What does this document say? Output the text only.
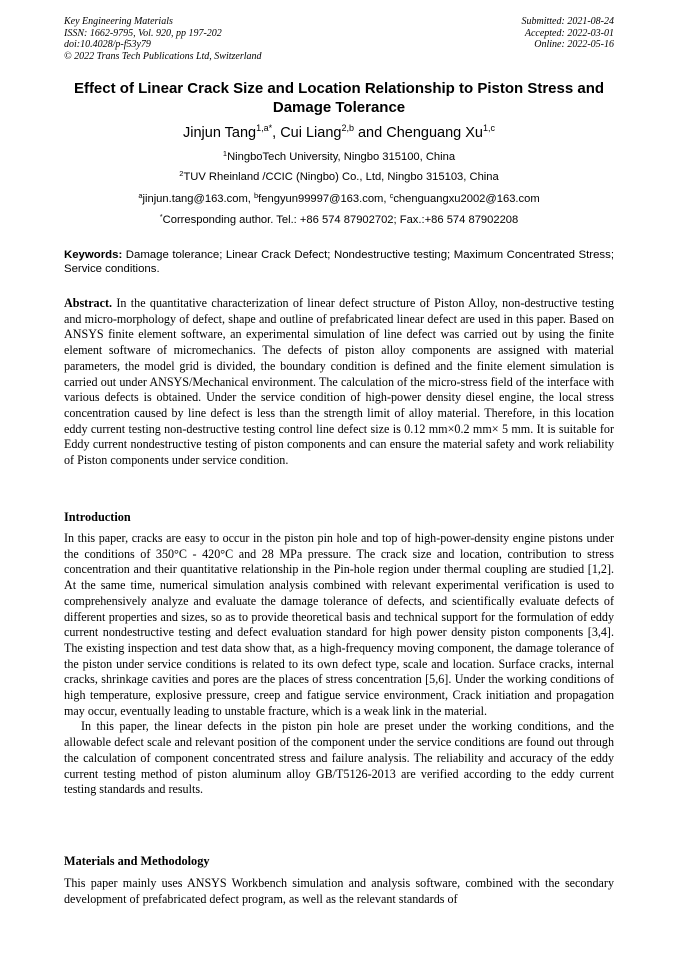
Key Engineering Materials
ISSN: 1662-9795, Vol. 920, pp 197-202
doi:10.4028/p-f53y79
© 2022 Trans Tech Publications Ltd, Switzerland
Submitted: 2021-08-24
Accepted: 2022-03-01
Online: 2022-05-16
Effect of Linear Crack Size and Location Relationship to Piston Stress and Damage Tolerance
Jinjun Tang$^{1,a*}$, Cui Liang$^{2,b}$ and Chenguang Xu$^{1,c}$
$^1$NingboTech University, Ningbo 315100, China
$^2$TUV Rheinland /CCIC (Ningbo) Co., Ltd, Ningbo 315103, China
$^a$jinjun.tang@163.com, $^b$fengyun99997@163.com, $^c$chenguangxu2002@163.com
*Corresponding author. Tel.: +86 574 87902702; Fax.:+86 574 87902208
Keywords: Damage tolerance; Linear Crack Defect; Nondestructive testing; Maximum Concentrated Stress; Service conditions.
Abstract. In the quantitative characterization of linear defect structure of Piston Alloy, non-destructive testing and micro-morphology of defect, shape and outline of prefabricated linear defect are used in this paper. Based on ANSYS finite element software, an experimental simulation of line defect was carried out by using the finite element software of micromechanics. The defects of piston alloy components are assigned with material parameters, the model grid is divided, the boundary condition is defined and the finite element simulation is carried out under ANSYS/Mechanical environment. The calculation of the micro-stress field of the interface with various defects is obtained. Under the service condition of high-power density diesel engine, the local stress concentration caused by line defect is less than the strength limit of alloy material. Therefore, in this location eddy current testing non-destructive testing control line defect size is 0.12 mm×0.2 mm× 5 mm. It is suitable for Eddy current nondestructive testing of piston components and can ensure the material safety and work reliability of Piston components under service condition.
Introduction
In this paper, cracks are easy to occur in the piston pin hole and top of high-power-density engine pistons under the conditions of 350°C - 420°C and 28 MPa pressure. The crack size and location, contribution to stress concentration and their quantitative relationship in the Pin-hole region under thermal coupling are studied [1,2]. At the same time, numerical simulation analysis combined with relevant experimental verification is used to comprehensively analyze and evaluate the damage tolerance of defects, and scientifically evaluate defects of different properties and sizes, so as to provide theoretical basis and technical support for the formulation of eddy current nondestructive testing and defect evaluation standard for high power density piston components [3,4]. The existing inspection and test data show that, as a high-frequency moving component, the damage tolerance of the piston under service conditions is related to its own defect type, scale and location. Surface cracks, internal cracks, shrinkage cavities and pores are the places of stress concentration [5,6]. Under the working conditions of high temperature, explosive pressure, creep and fatigue service environment, Crack initiation and propagation may occur, eventually leading to unstable fracture, which is a weak link in the material.
In this paper, the linear defects in the piston pin hole are preset under the working conditions, and the allowable defect scale and relevant position of the component under the service conditions are found out through the calculation of component concentrated stress and failure analysis. The reliability and accuracy of the eddy current testing method of piston aluminum alloy GB/T5126-2013 are verified according to the eddy current testing standards and results.
Materials and Methodology
This paper mainly uses ANSYS Workbench simulation and analysis software, combined with the secondary development of prefabricated defect program, as well as the relevant standards of
